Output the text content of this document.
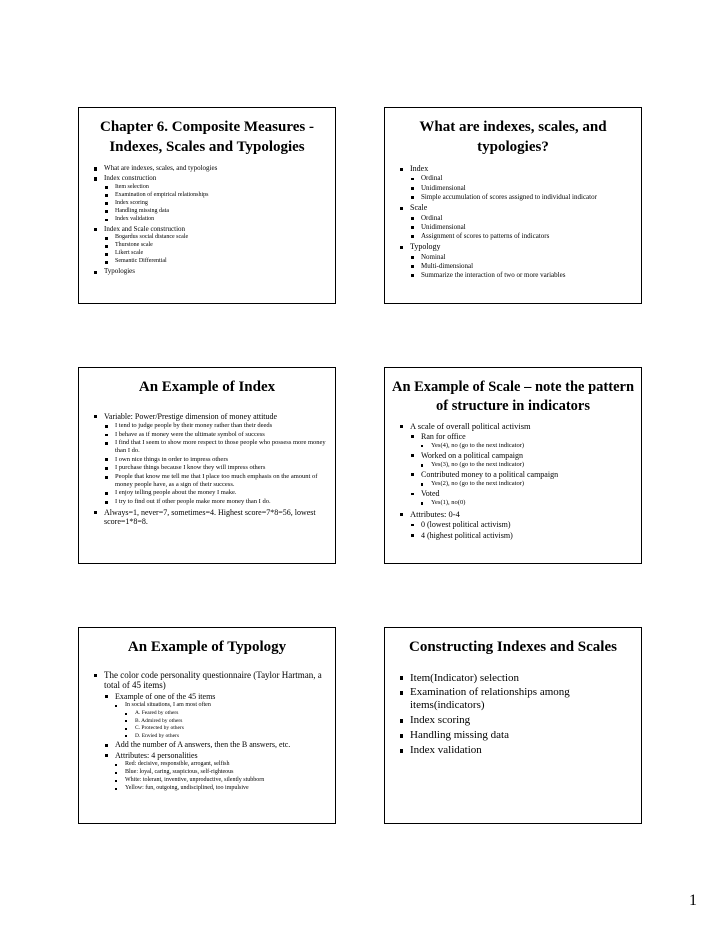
Chapter 6. Composite Measures - Indexes, Scales and Typologies
What are indexes, scales, and typologies
Index construction
Item selection
Examination of empirical relationships
Index scoring
Handling missing data
Index validation
Index and Scale construction
Bogardus social distance scale
Thurstone scale
Likert scale
Semantic Differential
Typologies
What are indexes, scales, and typologies?
Index
Ordinal
Unidimensional
Simple accumulation of scores assigned to individual indicator
Scale
Ordinal
Unidimensional
Assignment of scores to patterns of indicators
Typology
Nominal
Multi-dimensional
Summarize the interaction of two or more variables
An Example of Index
Variable: Power/Prestige dimension of money attitude
I tend to judge people by their money rather than their deeds
I behave as if money were the ultimate symbol of success
I find that I seem to show more respect to those people who possess more money than I do.
I own nice things in order to impress others
I purchase things because I know they will impress others
People that know me tell me that I place too much emphasis on the amount of money people have, as a sign of their success.
I enjoy telling people about the money I make.
I try to find out if other people make more money than I do.
Always=1, never=7, sometimes=4. Highest score=7*8=56, lowest score=1*8=8.
An Example of Scale – note the pattern of structure in indicators
A scale of overall political activism
Ran for office
Yes(4), no (go to the next indicator)
Worked on a political campaign
Yes(3), no (go to the next indicator)
Contributed money to a political campaign
Yes(2), no (go to the next indicator)
Voted
Yes(1), no(0)
Attributes: 0-4
0 (lowest political activism)
4 (highest political activism)
An Example of Typology
The color code personality questionnaire (Taylor Hartman, a total of 45 items)
Example of one of the 45 items
In social situations, I am most often
A. Feared by others
B. Admired by others
C. Protected by others
D. Envied by others
Add the number of A answers, then the B answers, etc.
Attributes: 4 personalities
Red: decisive, responsible, arrogant, selfish
Blue: loyal, caring, suspicious, self-righteous
White: tolerant, inventive, unproductive, silently stubborn
Yellow: fun, outgoing, undisciplined, too impulsive
Constructing Indexes and Scales
Item(Indicator) selection
Examination of relationships among items(indicators)
Index scoring
Handling missing data
Index validation
1
